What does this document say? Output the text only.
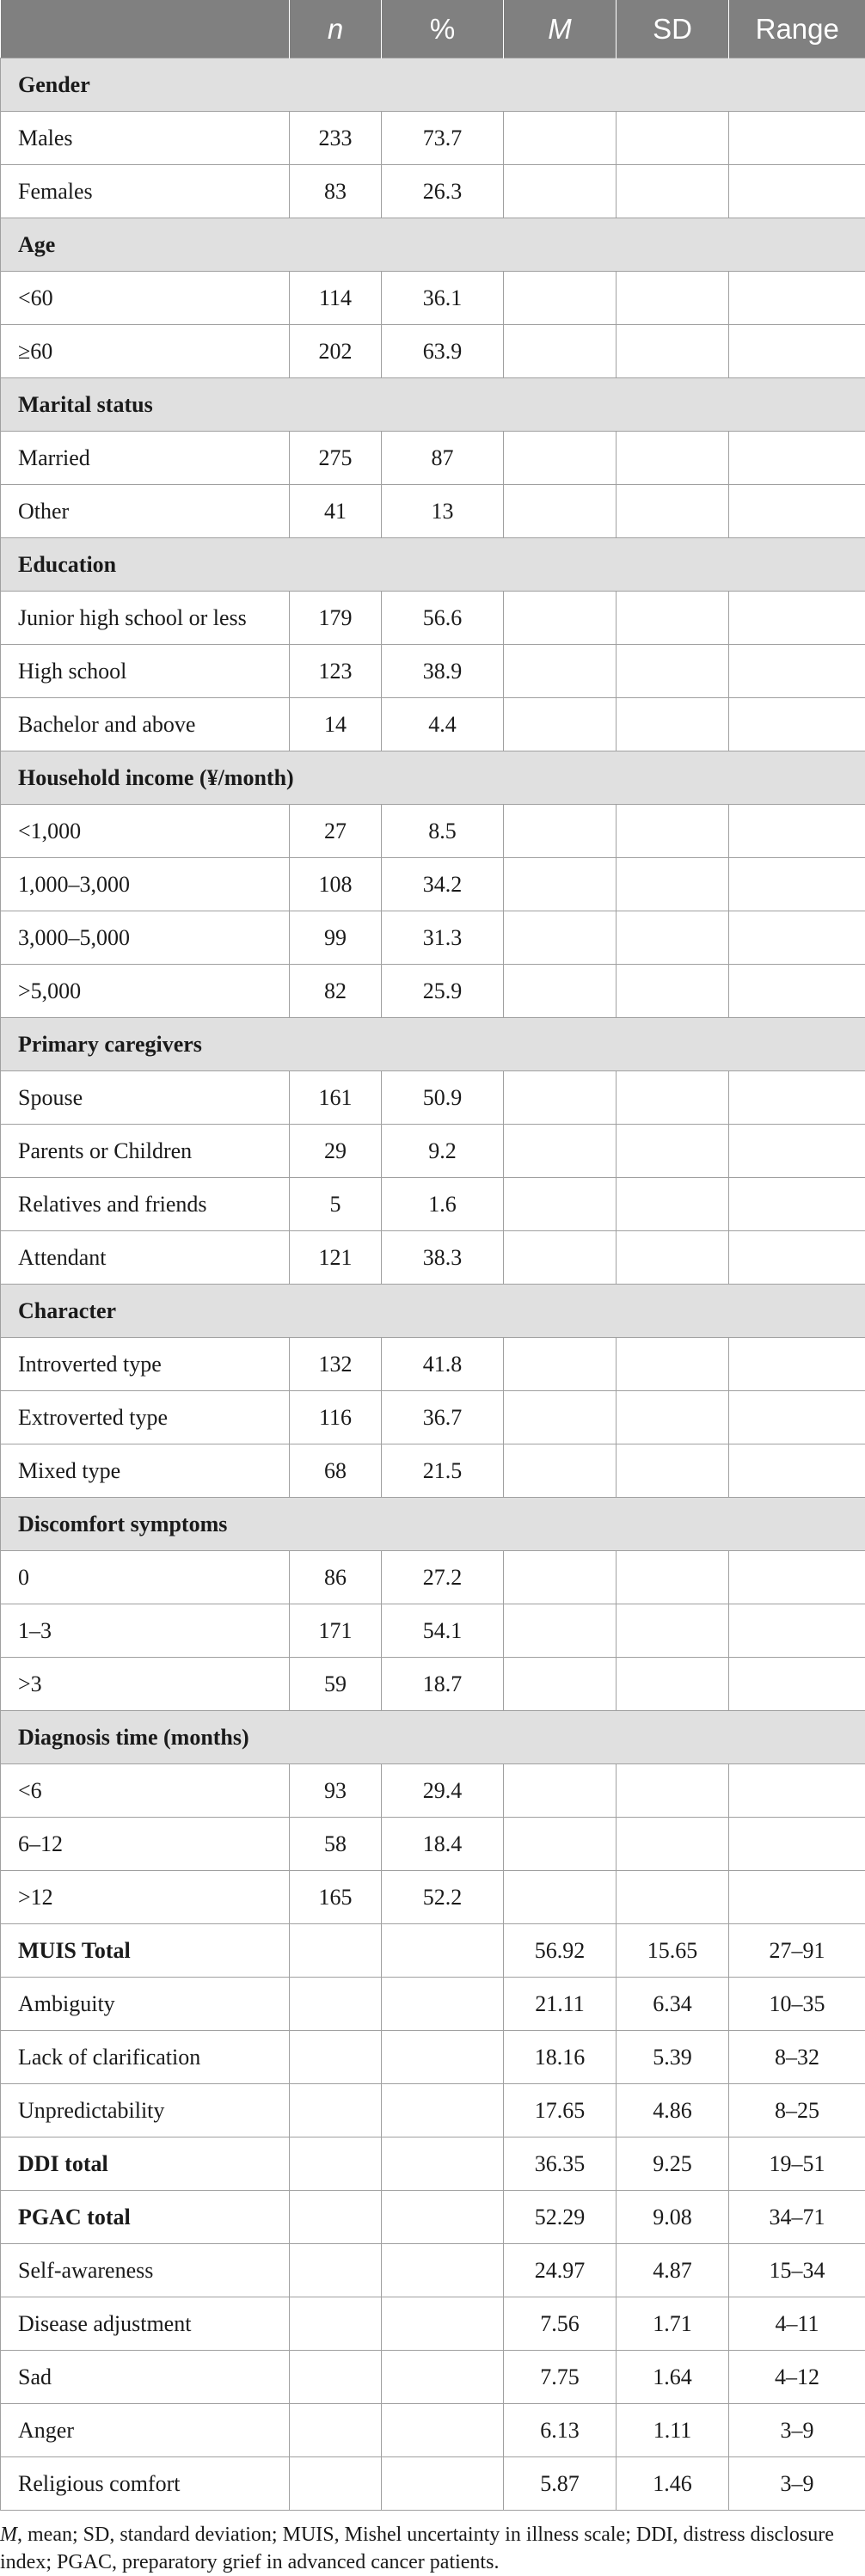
	n	%	M	SD	Range
Gender					
Males	233	73.7			
Females	83	26.3			
Age					
<60	114	36.1			
≥60	202	63.9			
Marital status					
Married	275	87			
Other	41	13			
Education					
Junior high school or less	179	56.6			
High school	123	38.9			
Bachelor and above	14	4.4			
Household income (¥/month)					
<1,000	27	8.5			
1,000–3,000	108	34.2			
3,000–5,000	99	31.3			
>5,000	82	25.9			
Primary caregivers					
Spouse	161	50.9			
Parents or Children	29	9.2			
Relatives and friends	5	1.6			
Attendant	121	38.3			
Character					
Introverted type	132	41.8			
Extroverted type	116	36.7			
Mixed type	68	21.5			
Discomfort symptoms					
0	86	27.2			
1–3	171	54.1			
>3	59	18.7			
Diagnosis time (months)					
<6	93	29.4			
6–12	58	18.4			
>12	165	52.2			
MUIS Total			56.92	15.65	27–91
Ambiguity			21.11	6.34	10–35
Lack of clarification			18.16	5.39	8–32
Unpredictability			17.65	4.86	8–25
DDI total			36.35	9.25	19–51
PGAC total			52.29	9.08	34–71
Self-awareness			24.97	4.87	15–34
Disease adjustment			7.56	1.71	4–11
Sad			7.75	1.64	4–12
Anger			6.13	1.11	3–9
Religious comfort			5.87	1.46	3–9
M, mean; SD, standard deviation; MUIS, Mishel uncertainty in illness scale; DDI, distress disclosure index; PGAC, preparatory grief in advanced cancer patients.
